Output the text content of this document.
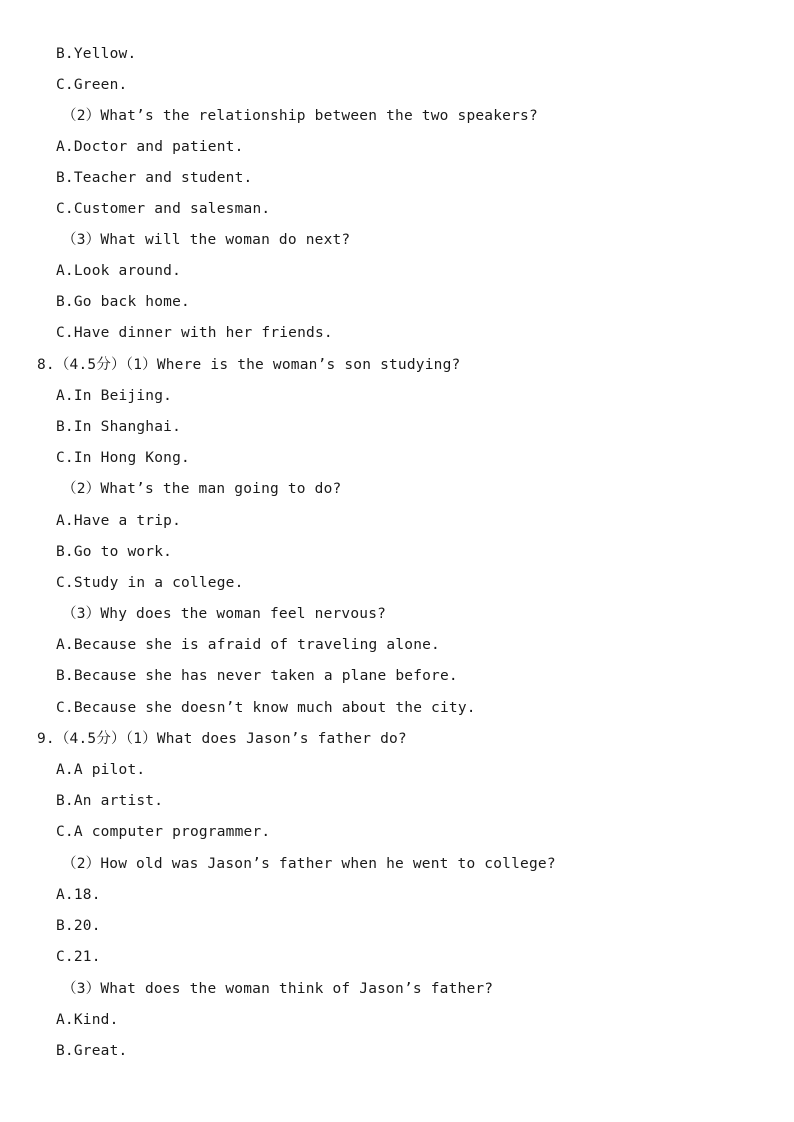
B.Yellow.
C.Green.
（2）What’s the relationship between the two speakers?
A.Doctor and patient.
B.Teacher and student.
C.Customer and salesman.
（3）What will the woman do next?
A.Look around.
B.Go back home.
C.Have dinner with her friends.
8.（4.5分）（1）Where is the woman’s son studying?
A.In Beijing.
B.In Shanghai.
C.In Hong Kong.
（2）What’s the man going to do?
A.Have a trip.
B.Go to work.
C.Study in a college.
（3）Why does the woman feel nervous?
A.Because she is afraid of traveling alone.
B.Because she has never taken a plane before.
C.Because she doesn’t know much about the city.
9.（4.5分）（1）What does Jason’s father do?
A.A pilot.
B.An artist.
C.A computer programmer.
（2）How old was Jason’s father when he went to college?
A.18.
B.20.
C.21.
（3）What does the woman think of Jason’s father?
A.Kind.
B.Great.
